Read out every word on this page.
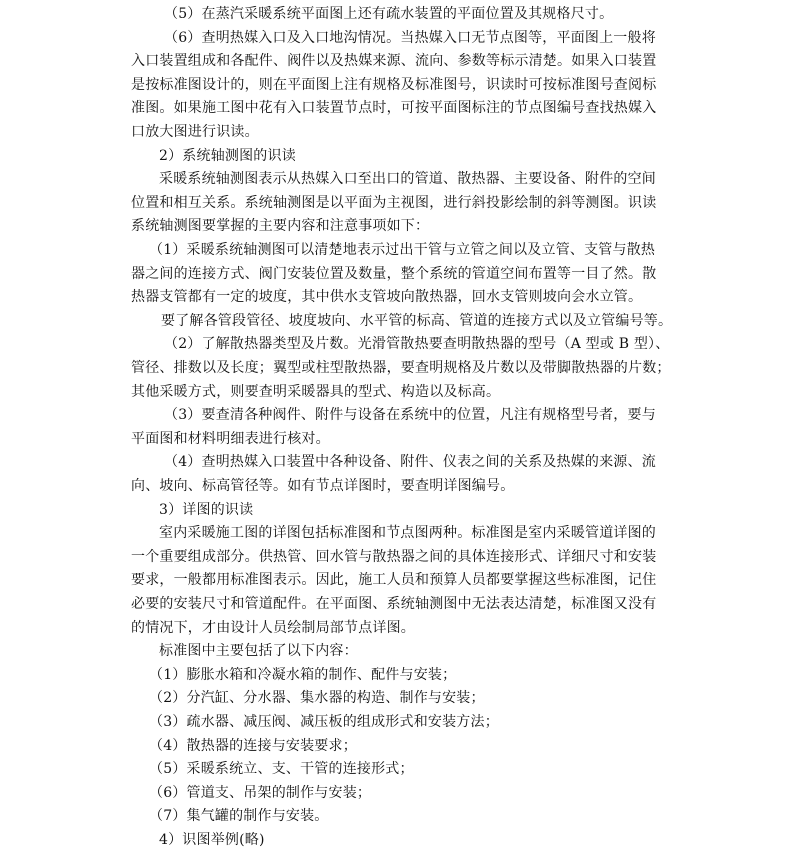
（5）在蒸汽采暖系统平面图上还有疏水装置的平面位置及其规格尺寸。
（6）查明热媒入口及入口地沟情况。当热媒入口无节点图等，平面图上一般将
入口装置组成和各配件、阀件以及热媒来源、流向、参数等标示清楚。如果入口装置
是按标准图设计的，则在平面图上注有规格及标准图号，识读时可按标准图号查阅标
准图。如果施工图中花有入口装置节点时，可按平面图标注的节点图编号查找热媒入
口放大图进行识读。
2）系统轴测图的识读
采暖系统轴测图表示从热媒入口至出口的管道、散热器、主要设备、附件的空间
位置和相互关系。系统轴测图是以平面为主视图，进行斜投影绘制的斜等测图。识读
系统轴测图要掌握的主要内容和注意事项如下：
（1）采暖系统轴测图可以清楚地表示过出干管与立管之间以及立管、支管与散热
器之间的连接方式、阀门安装位置及数量，整个系统的管道空间布置等一目了然。散
热器支管都有一定的坡度，其中供水支管坡向散热器，回水支管则坡向会水立管。
要了解各管段管径、坡度坡向、水平管的标高、管道的连接方式以及立管编号等。
（2）了解散热器类型及片数。光滑管散热要查明散热器的型号（A 型或 B 型）、
管径、排数以及长度；翼型或柱型散热器，要查明规格及片数以及带脚散热器的片数；
其他采暖方式，则要查明采暖器具的型式、构造以及标高。
（3）要查清各种阀件、附件与设备在系统中的位置，凡注有规格型号者，要与
平面图和材料明细表进行核对。
（4）查明热媒入口装置中各种设备、附件、仪表之间的关系及热媒的来源、流
向、坡向、标高管径等。如有节点详图时，要查明详图编号。
3）详图的识读
室内采暖施工图的详图包括标准图和节点图两种。标准图是室内采暖管道详图的
一个重要组成部分。供热管、回水管与散热器之间的具体连接形式、详细尺寸和安装
要求，一般都用标准图表示。因此，施工人员和预算人员都要掌握这些标准图，记住
必要的安装尺寸和管道配件。在平面图、系统轴测图中无法表达清楚，标准图又没有
的情况下，才由设计人员绘制局部节点详图。
标准图中主要包括了以下内容：
（1）膨胀水箱和冷凝水箱的制作、配件与安装；
（2）分汽缸、分水器、集水器的构造、制作与安装；
（3）疏水器、减压阀、减压板的组成形式和安装方法；
（4）散热器的连接与安装要求；
（5）采暖系统立、支、干管的连接形式；
（6）管道支、吊架的制作与安装；
（7）集气罐的制作与安装。
4）识图举例(略)
